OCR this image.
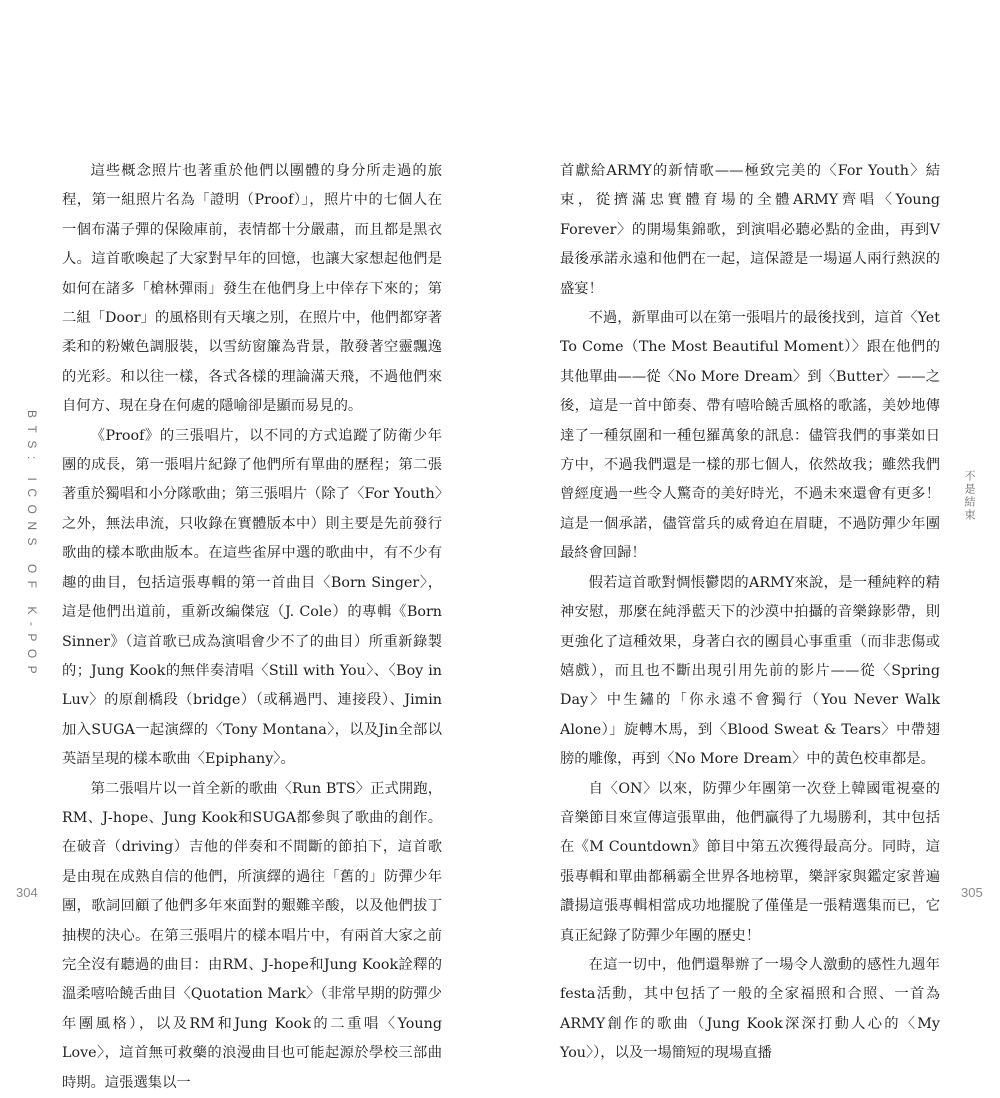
BTS: ICONS OF K-POP

這些概念照片也著重於他們以團體的身分所走過的旅程，第一組照片名為「證明（Proof）」，照片中的七個人在一個布滿子彈的保險庫前，表情都十分嚴肅，而且都是黑衣人。這首歌喚起了大家對早年的回憶，也讓大家想起他們是如何在諸多「槍林彈雨」發生在他們身上中倖存下來的；第二組「Door」的風格則有天壤之別，在照片中，他們都穿著柔和的粉嫩色調服裝，以雪紡窗簾為背景，散發著空靈飄逸的光彩。和以往一樣，各式各樣的理論滿天飛，不過他們來自何方、現在身在何處的隱喻卻是顯而易見的。

《Proof》的三張唱片，以不同的方式追蹤了防衛少年團的成長，第一張唱片紀錄了他們所有單曲的歷程；第二張著重於獨唱和小分隊歌曲；第三張唱片（除了〈For Youth〉之外，無法串流，只收錄在實體版本中）則主要是先前發行歌曲的樣本歌曲版本。在這些雀屏中選的歌曲中，有不少有趣的曲目，包括這張專輯的第一首曲目〈Born Singer〉，這是他們出道前，重新改編傑寇（J. Cole）的專輯《Born Sinner》（這首歌已成為演唱會少不了的曲目）所重新錄製的；Jung Kook的無伴奏清唱〈Still with You〉、〈Boy in Luv〉的原創橋段（bridge）（或稱過門、連接段）、Jimin加入SUGA一起演繹的〈Tony Montana〉，以及Jin全部以英語呈現的樣本歌曲〈Epiphany〉。

第二張唱片以一首全新的歌曲〈Run BTS〉正式開跑，RM、J-hope、Jung Kook和SUGA都參與了歌曲的創作。在破音（driving）吉他的伴奏和不間斷的節拍下，這首歌是由現在成熟自信的他們，所演繹的過往「舊的」防彈少年團，歌詞回顧了他們多年來面對的艱難辛酸，以及他們拔丁抽楔的決心。在第三張唱片的樣本唱片中，有兩首大家之前完全沒有聽過的曲目：由RM、J-hope和Jung Kook詮釋的溫柔嘻哈饒舌曲目〈Quotation Mark〉（非常早期的防彈少年團風格），以及RM和Jung Kook的二重唱〈Young Love〉，這首無可救藥的浪漫曲目也可能起源於學校三部曲時期。這張選集以一

首獻給ARMY的新情歌——極致完美的〈For Youth〉結束，從擠滿忠實體育場的全體ARMY齊唱〈Young Forever〉的開場集錦歌，到演唱必聽必點的金曲，再到V最後承諾永遠和他們在一起，這保證是一場逼人兩行熱淚的盛宴！

不過，新單曲可以在第一張唱片的最後找到，這首〈Yet To Come（The Most Beautiful Moment）〉跟在他們的其他單曲——從〈No More Dream〉到〈Butter〉——之後，這是一首中節奏、帶有嘻哈饒舌風格的歌謠，美妙地傳達了一種氛圍和一種包羅萬象的訊息：儘管我們的事業如日方中，不過我們還是一樣的那七個人，依然故我；雖然我們曾經度過一些令人驚奇的美好時光，不過未來還會有更多！這是一個承諾，儘管當兵的威脅迫在眉睫，不過防彈少年團最終會回歸！

假若這首歌對惆悵鬱悶的ARMY來說，是一種純粹的精神安慰，那麼在純淨藍天下的沙漠中拍攝的音樂錄影帶，則更強化了這種效果，身著白衣的團員心事重重（而非悲傷或嬉戲），而且也不斷出現引用先前的影片——從〈Spring Day〉中生鏽的「你永遠不會獨行（You Never Walk Alone）」旋轉木馬，到〈Blood Sweat & Tears〉中帶翅膀的雕像，再到〈No More Dream〉中的黃色校車都是。

自〈ON〉以來，防彈少年團第一次登上韓國電視臺的音樂節目來宣傳這張單曲，他們贏得了九場勝利，其中包括在《M Countdown》節目中第五次獲得最高分。同時，這張專輯和單曲都稱霸全世界各地榜單，樂評家與鑑定家普遍讚揚這張專輯相當成功地擺脫了僅僅是一張精選集而已，它真正紀錄了防彈少年團的歷史！

在這一切中，他們還舉辦了一場令人激動的感性九週年festa活動，其中包括了一般的全家福照和合照、一首為ARMY創作的歌曲（Jung Kook深深打動人心的〈My You〉），以及一場簡短的現場直播

不是結束
304	305
